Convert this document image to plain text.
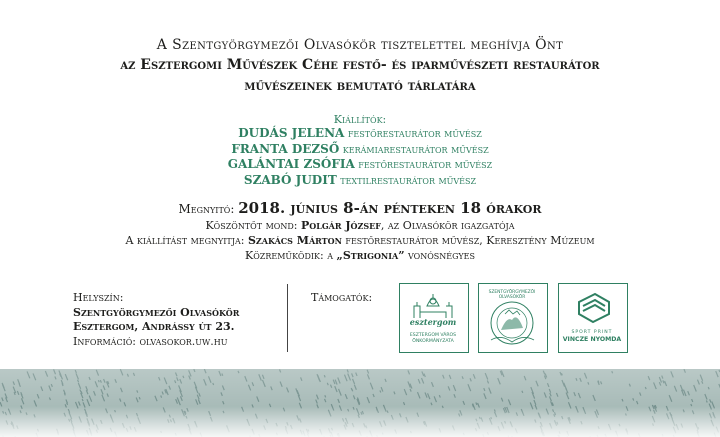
A Szentgyörgymezői Olvasókör tisztelettel meghívja Önt
az Esztergomi Művészek Céhe festő- és iparművészeti restaurátor
művészeinek bemutató tárlatára
Kiállítók:
DUDÁS JELENA festőrestaurátor művész
FRANTA DEZSŐ kerámiarestaurátor művész
GALÁNTAI ZSÓFIA festőrestaurátor művész
SZABÓ JUDIT textilrestaurátor művész
Megnyitó: 2018. június 8-án pénteken 18 órakor
Köszöntőt mond: Polgár József, az Olvasókör igazgatója
A kiállítást megnyitja: Szakács Márton festőrestaurátor művész, Keresztény Múzeum
Közreműködik: a „Strigonia” vonósnégyes
Helyszín:
Szentgyörgymezői Olvasókör
Esztergom, Andrássy út 23.
Információ: olvasokor.uw.hu
Támogatók:
esztergom
ESZTERGOM VÁROS
ÖNKORMÁNYZATA
SZENTGYÖRGYMEZŐI
OLVASÓKÖR
SPORT PRINT
VINCZE NYOMDA
